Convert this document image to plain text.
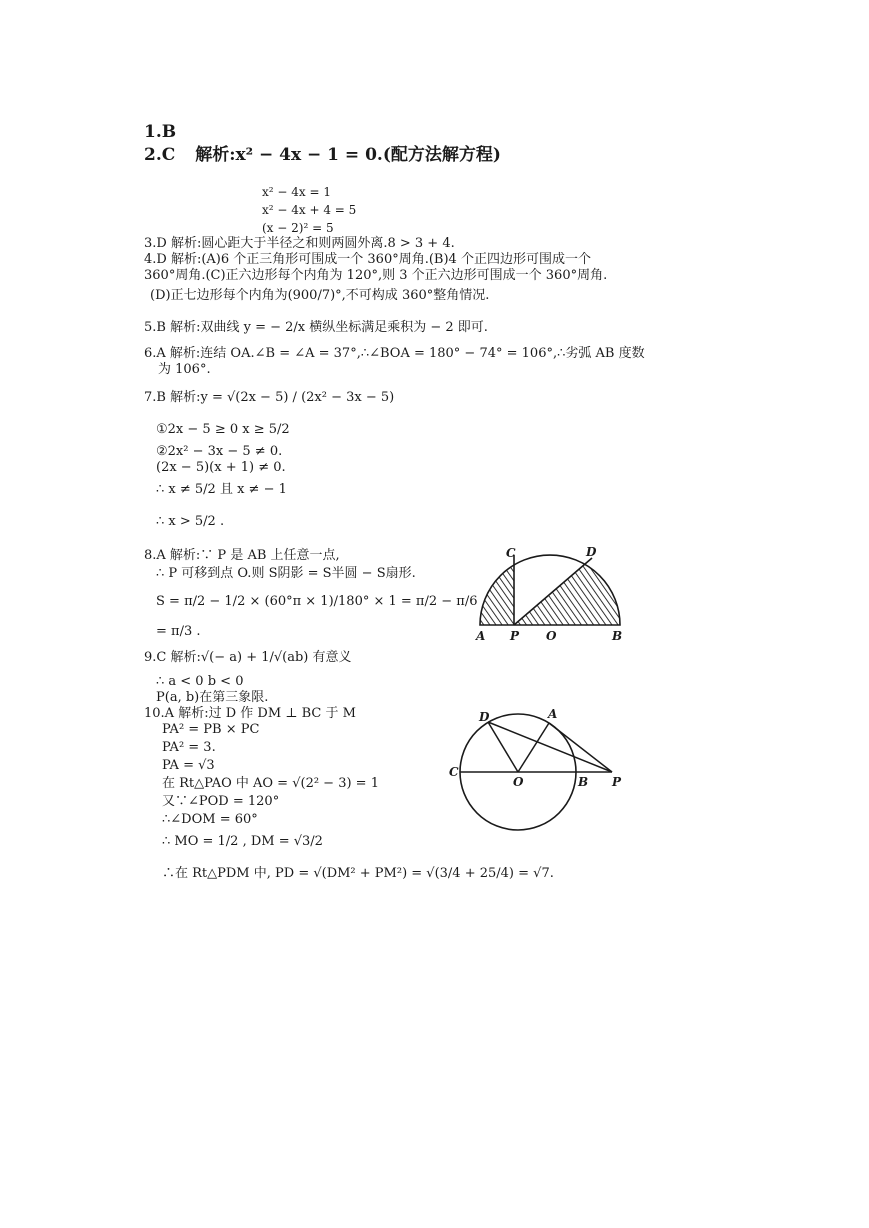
1.B
2.C 解析:x² − 4x − 1 = 0.(配方法解方程)
x² − 4x = 1
x² − 4x + 4 = 5
(x − 2)² = 5
3.D 解析:圆心距大于半径之和则两圆外离.8 > 3 + 4.
4.D 解析:(A)6 个正三角形可围成一个 360°周角.(B)4 个正四边形可围成一个
360°周角.(C)正六边形每个内角为 120°,则 3 个正六边形可围成一个 360°周角.
(D)正七边形每个内角为(900/7)°,不可构成 360°整角情况.
5.B 解析:双曲线 y = − 2/x 横纵坐标满足乘积为 − 2 即可.
6.A 解析:连结 OA.∠B = ∠A = 37°,∴∠BOA = 180° − 74° = 106°,∴劣弧 AB 度数
为 106°.
7.B 解析:y = √(2x − 5) / (2x² − 3x − 5)
①2x − 5 ≥ 0 x ≥ 5/2
②2x² − 3x − 5 ≠ 0.
(2x − 5)(x + 1) ≠ 0.
∴ x ≠ 5/2 且 x ≠ − 1
∴ x > 5/2 .
8.A 解析:∵ P 是 AB 上任意一点,
∴ P 可移到点 O.则 S阴影 = S半圆 − S扇形.
S = π/2 − 1/2 × (60°π × 1)/180° × 1 = π/2 − π/6
= π/3 .
C	D
A P O	B
9.C 解析:√(− a) + 1/√(ab) 有意义
∴ a < 0 b < 0
P(a, b)在第三象限.
10.A 解析:过 D 作 DM ⊥ BC 于 M
PA² = PB × PC
PA² = 3.
PA = √3
在 Rt△PAO 中 AO = √(2² − 3) = 1
又∵∠POD = 120°
∴∠DOM = 60°
∴ MO = 1/2 , DM = √3/2
∴在 Rt△PDM 中, PD = √(DM² + PM²) = √(3/4 + 25/4) = √7.
D	A
C
O	B P
